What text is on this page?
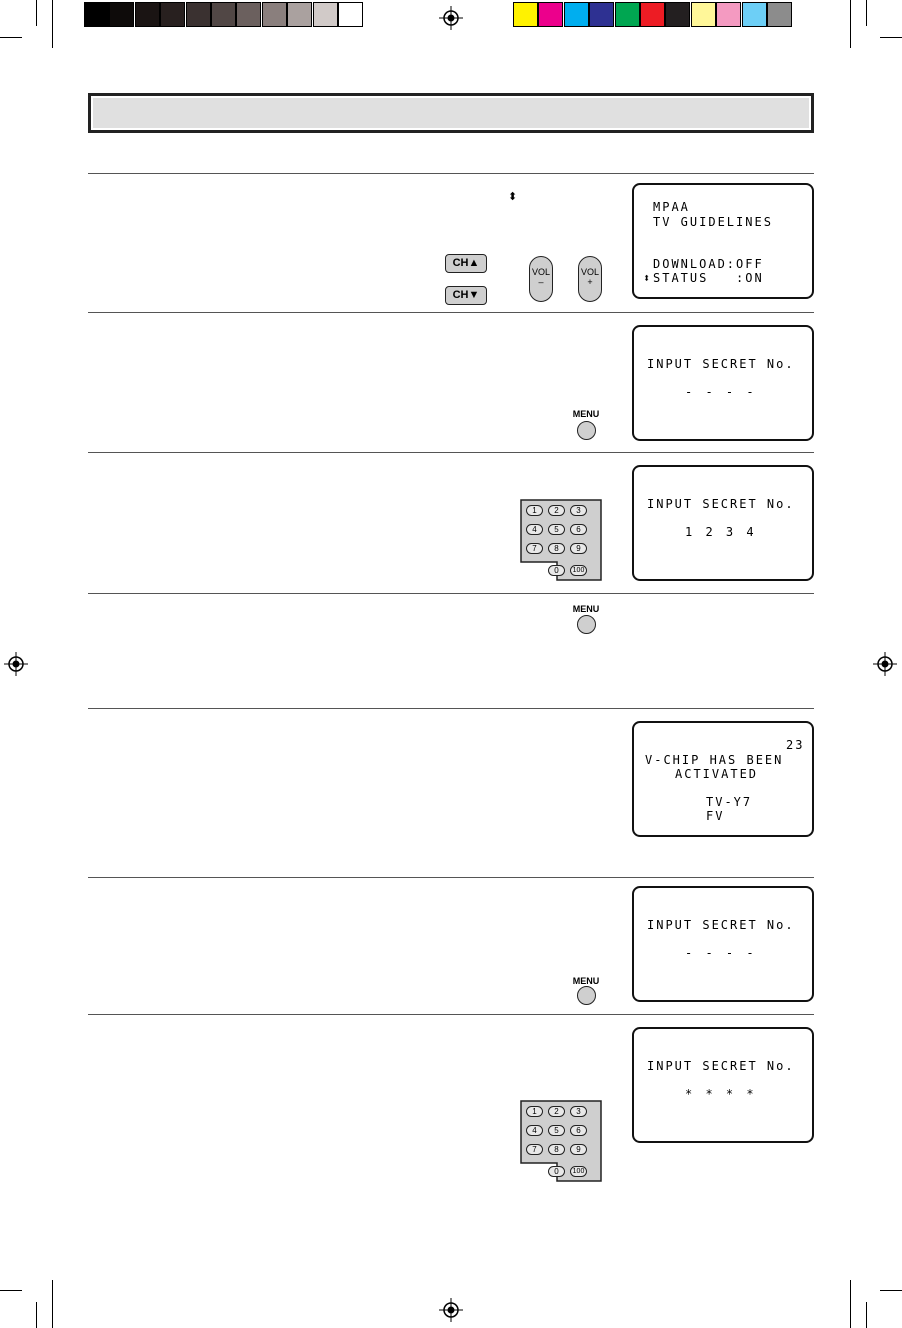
⬍
CH▲
CH▼
VOL
–
VOL
+
MPAA
TV GUIDELINES
DOWNLOAD:OFF
⬍ STATUS   :ON
MENU
INPUT SECRET No.
- - - -
1	2	3
4	5	6
7	8	9
0	100
INPUT SECRET No.
1 2 3 4
MENU
23
V-CHIP HAS BEEN
ACTIVATED
TV-Y7
FV
MENU
INPUT SECRET No.
- - - -
1	2	3
4	5	6
7	8	9
0	100
INPUT SECRET No.
* * * *
